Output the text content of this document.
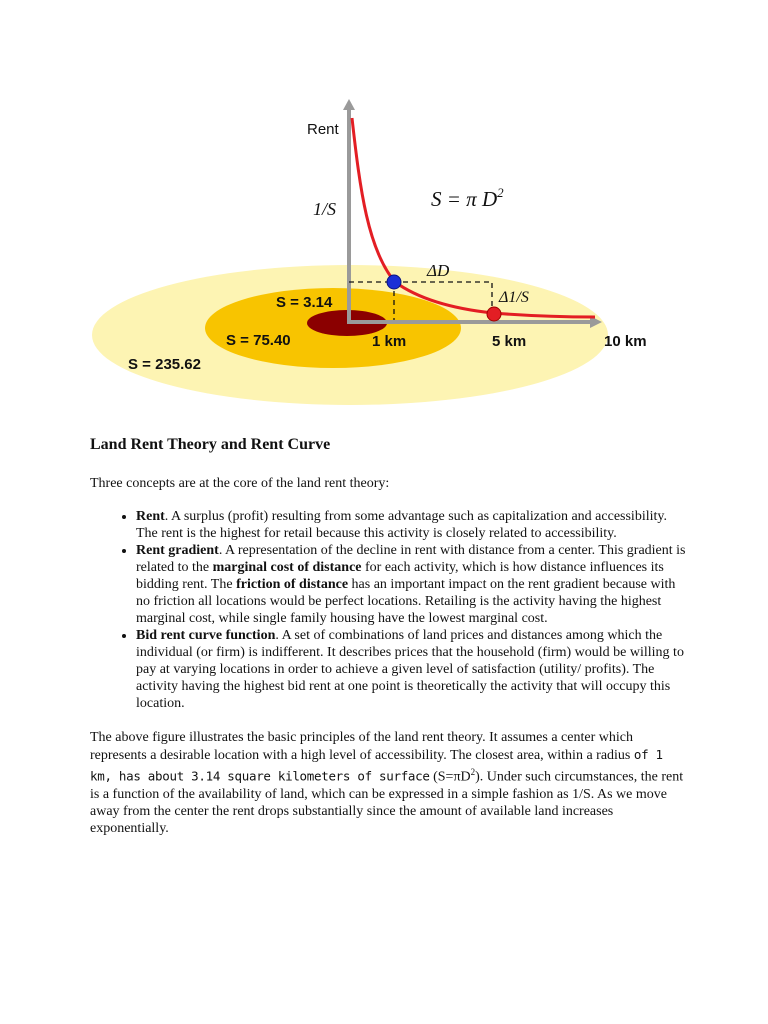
Rent
1/S	S = π $D^2$
ΔD
Δ1/S
S = 3.14
S = 75.40
S = 235.62
1 km	5 km	10 km
Land Rent Theory and Rent Curve

Three concepts are at the core of the land rent theory:

• Rent. A surplus (profit) resulting from some advantage such as capitalization and accessibility. The rent is the highest for retail because this activity is closely related to accessibility.
• Rent gradient. A representation of the decline in rent with distance from a center. This gradient is related to the marginal cost of distance for each activity, which is how distance influences its bidding rent. The friction of distance has an important impact on the rent gradient because with no friction all locations would be perfect locations. Retailing is the activity having the highest marginal cost, while single family housing have the lowest marginal cost.
• Bid rent curve function. A set of combinations of land prices and distances among which the individual (or firm) is indifferent. It describes prices that the household (firm) would be willing to pay at varying locations in order to achieve a given level of satisfaction (utility/ profits). The activity having the highest bid rent at one point is theoretically the activity that will occupy this location.

The above figure illustrates the basic principles of the land rent theory. It assumes a center which represents a desirable location with a high level of accessibility. The closest area, within a radius of 1 km, has about 3.14 square kilometers of surface $(S=\pi D^2)$. Under such circumstances, the rent is a function of the availability of land, which can be expressed in a simple fashion as 1/S. As we move away from the center the rent drops substantially since the amount of available land increases exponentially.
